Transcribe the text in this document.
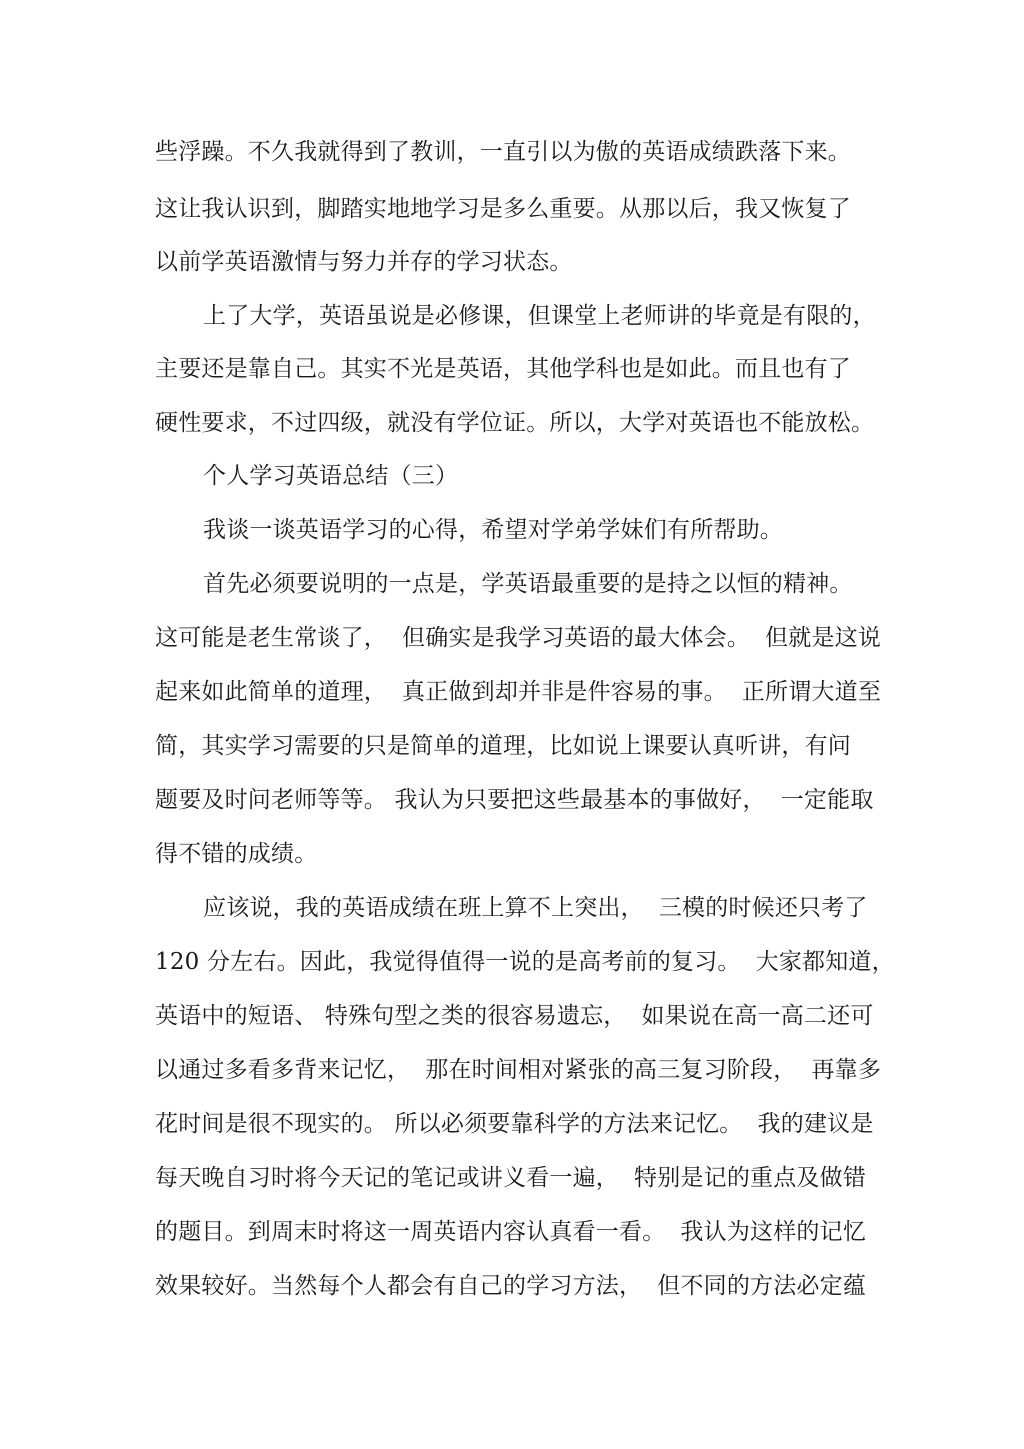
些浮躁。不久我就得到了教训，一直引以为傲的英语成绩跌落下来。
这让我认识到，脚踏实地地学习是多么重要。从那以后，我又恢复了
以前学英语激情与努力并存的学习状态。
上了大学，英语虽说是必修课，但课堂上老师讲的毕竟是有限的，
主要还是靠自己。其实不光是英语，其他学科也是如此。而且也有了
硬性要求，不过四级，就没有学位证。所以，大学对英语也不能放松。
个人学习英语总结（三）
我谈一谈英语学习的心得，希望对学弟学妹们有所帮助。
首先必须要说明的一点是，学英语最重要的是持之以恒的精神。
这可能是老生常谈了，  但确实是我学习英语的最大体会。  但就是这说
起来如此简单的道理，  真正做到却并非是件容易的事。  正所谓大道至
简，其实学习需要的只是简单的道理，比如说上课要认真听讲，有问
题要及时问老师等等。 我认为只要把这些最基本的事做好，  一定能取
得不错的成绩。
应该说，我的英语成绩在班上算不上突出，  三模的时候还只考了
120 分左右。因此，我觉得值得一说的是高考前的复习。  大家都知道，
英语中的短语、 特殊句型之类的很容易遗忘，  如果说在高一高二还可
以通过多看多背来记忆，  那在时间相对紧张的高三复习阶段，  再靠多
花时间是很不现实的。 所以必须要靠科学的方法来记忆。  我的建议是
每天晚自习时将今天记的笔记或讲义看一遍，  特别是记的重点及做错
的题目。到周末时将这一周英语内容认真看一看。  我认为这样的记忆
效果较好。当然每个人都会有自己的学习方法，  但不同的方法必定蕴
